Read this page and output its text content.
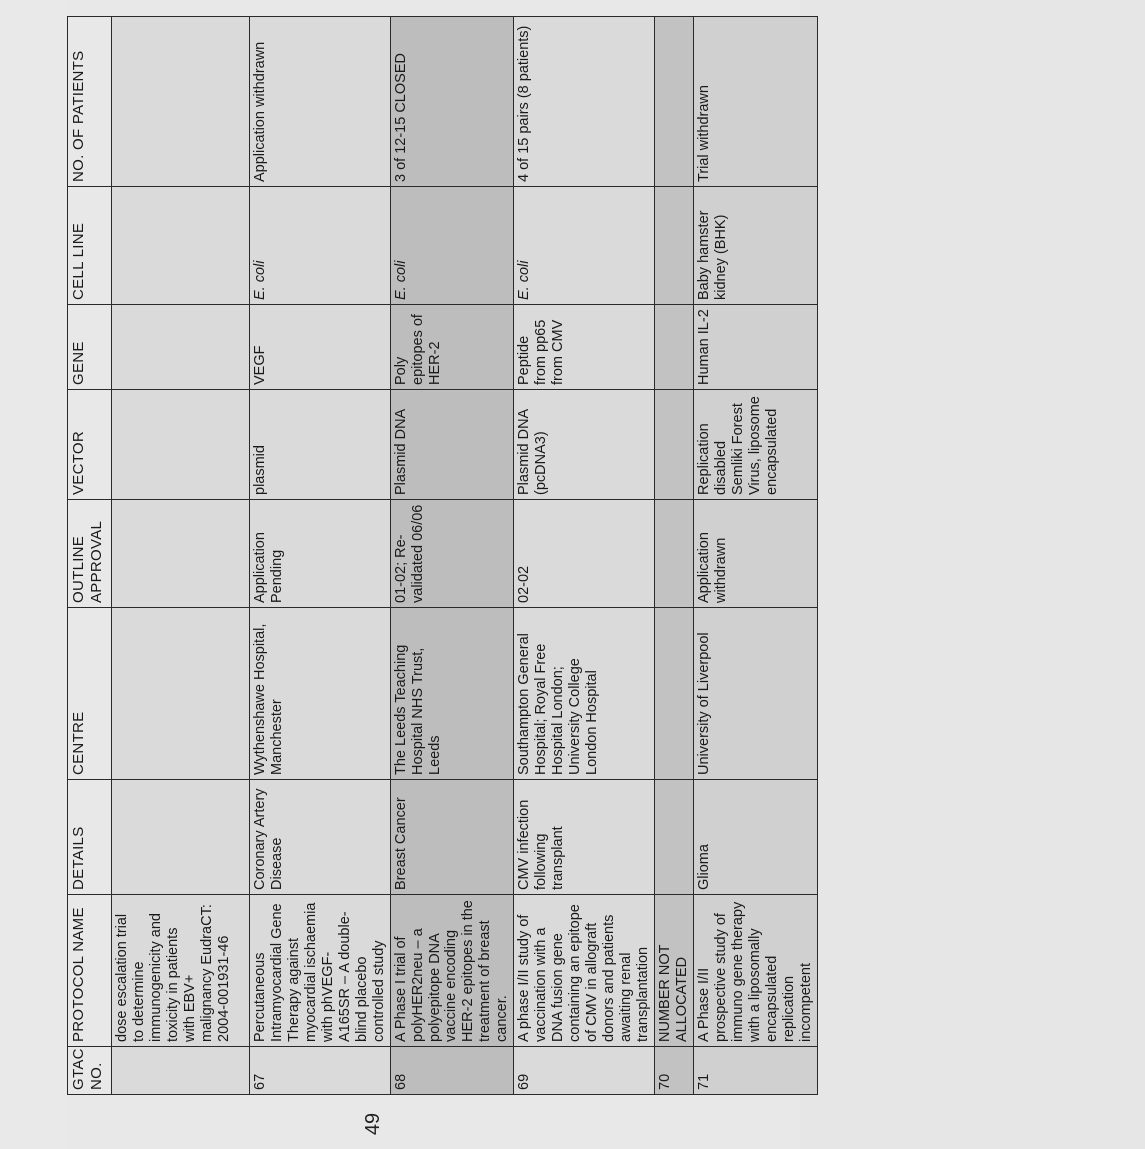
GTAC NO.	PROTOCOL NAME	DETAILS	CENTRE	OUTLINE APPROVAL	VECTOR	GENE	CELL LINE	NO. OF PATIENTS
	dose escalation trial to determine immunogenicity and toxicity in patients with EBV+ malignancy EudraCT: 2004-001931-46							
67	Percutaneous Intramyocardial Gene Therapy against myocardial ischaemia with phVEGF-A165SR – A double-blind placebo controlled study	Coronary Artery Disease	Wythenshawe Hospital, Manchester	Application Pending	plasmid	VEGF	E. coli	Application withdrawn
68	A Phase I trial of polyHER2neu – a polyepitope DNA vaccine encoding HER-2 epitopes in the treatment of breast cancer.	Breast Cancer	The Leeds Teaching Hospital NHS Trust, Leeds	01-02; Re-validated 06/06	Plasmid DNA	Poly epitopes of HER-2	E. coli	3 of 12-15 CLOSED
69	A phase I/II study of vaccination with a DNA fusion gene containing an epitope of CMV in allograft donors and patients awaiting renal transplantation	CMV infection following transplant	Southampton General Hospital; Royal Free Hospital London; University College London Hospital	02-02	Plasmid DNA (pcDNA3)	Peptide from pp65 from CMV	E. coli	4 of 15 pairs (8 patients)
70	NUMBER NOT ALLOCATED							
71	A Phase I/II prospective study of immuno gene therapy with a liposomally encapsulated replication incompetent	Glioma	University of Liverpool	Application withdrawn	Replication disabled Semliki Forest Virus, liposome encapsulated	Human IL-2	Baby hamster kidney (BHK)	Trial withdrawn
49
